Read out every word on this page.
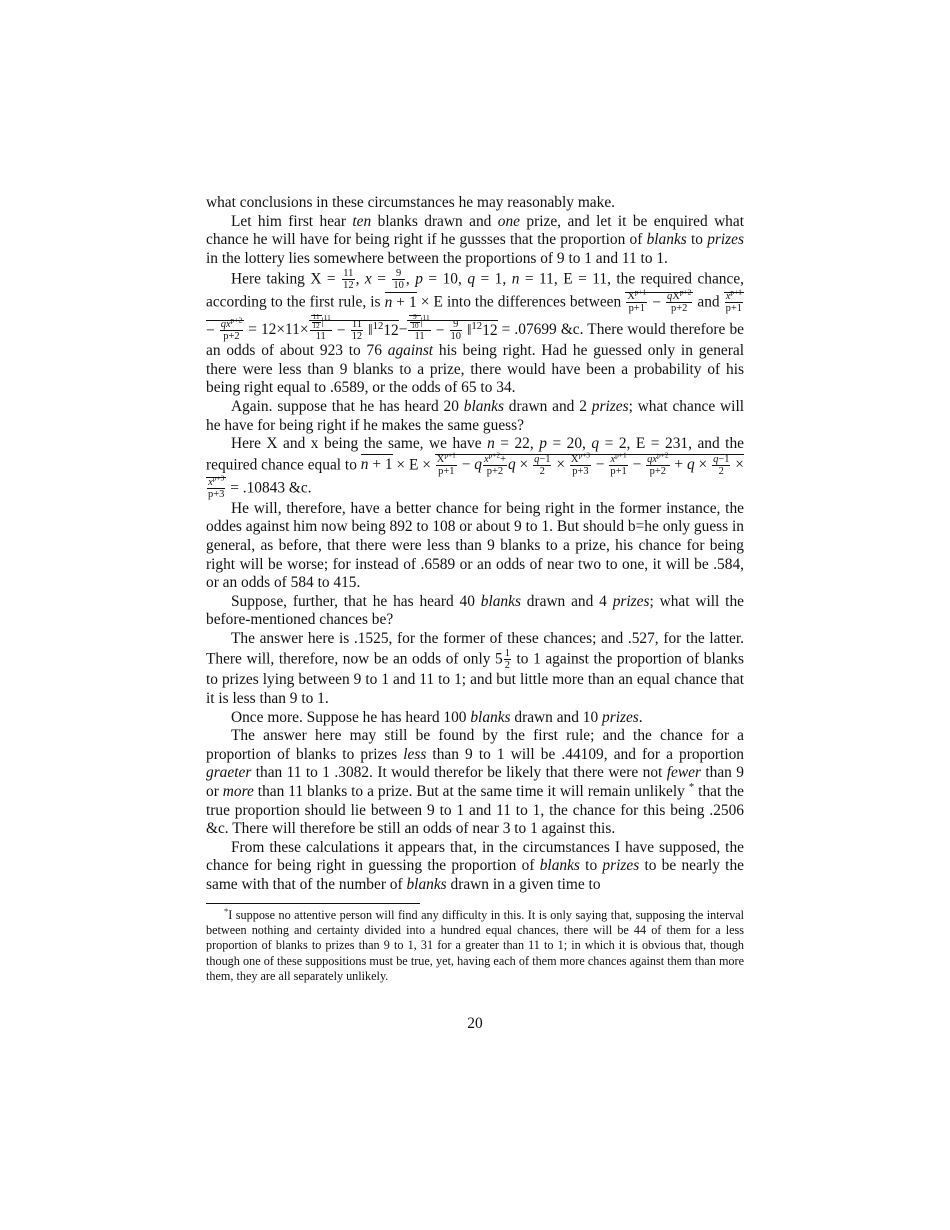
what conclusions in these circumstances he may reasonably make.

Let him first hear ten blanks drawn and one prize, and let it be enquired what chance he will have for being right if he gussses that the proportion of blanks to prizes in the lottery lies somewhere between the proportions of 9 to 1 and 11 to 1.

Here taking $X = \frac{11}{12}$ , $x = \frac{9}{10}$ , p = 10, q = 1, n = 11, E = 11, the required chance, according to the first rule, is n + 1 × E into the differences between $\frac{X^{p+1}}{p+1} - \frac{qX^{p+2}}{p+2}$ and $\frac{x^{p+1}}{p+1}$
− $\frac{qx^{p+2}}{p+2} = 12\times 11\times \frac{\frac{11}{12} |^{11}}{11} - \frac{11}{12}$ ‖$^{12}$12− $\frac{\frac{9}{10} |^{11}}{11} - \frac{9}{10}$ ‖$^{12}$12 = .07699 &c. There would therefore be an odds of about 923 to 76 against his being right. Had he guessed only in general there were less than 9 blanks to a prize, there would have been a probability of his being right equal to .6589, or the odds of 65 to 34.

Again. suppose that he has heard 20 blanks drawn and 2 prizes; what chance will he have for being right if he makes the same guess?

Here X and x being the same, we have n = 22, p = 20, q = 2, E = 231, and the required chance equal to $n + 1 \times E \times \frac{X^{p+1}}{p+1} - q \frac{x^{p+2}+}{p+2}$ $q \times \frac{q-1}{2} \times \frac{X^{p+3}}{p+3} - \frac{x^{p+1}}{p+1} - \frac{qx^{p+2}}{p+2} + q \times \frac{q-1}{2}$ ×
$\frac{x^{p+3}}{p+3} = .10843$ &c.

He will, therefore, have a better chance for being right in the former instance, the oddes against him now being 892 to 108 or about 9 to 1. But should b=he only guess in general, as before, that there were less than 9 blanks to a prize, his chance for being right will be worse; for instead of .6589 or an odds of near two to one, it will be .584, or an odds of 584 to 415.

Suppose, further, that he has heard 40 blanks drawn and 4 prizes; what will the before-mentioned chances be?

The answer here is .1525, for the former of these chances; and .527, for the latter. There will, therefore, now be an odds of only $5 \frac{1}{2}$ to 1 against the proportion of blanks to prizes lying between 9 to 1 and 11 to 1; and but little more than an equal chance that it is less than 9 to 1.

Once more. Suppose he has heard 100 blanks drawn and 10 prizes.

The answer here may still be found by the first rule; and the chance for a proportion of blanks to prizes less than 9 to 1 will be .44109, and for a proportion graeter than 11 to 1 .3082. It would therefor be likely that there were not fewer than 9 or more than 11 blanks to a prize. But at the same time it will remain unlikely * that the true proportion should lie between 9 to 1 and 11 to 1, the chance for this being .2506 &c. There will therefore be still an odds of near 3 to 1 against this.

From these calculations it appears that, in the circumstances I have supposed, the chance for being right in guessing the proportion of blanks to prizes to be nearly the same with that of the number of blanks drawn in a given time to

*I suppose no attentive person will find any difficulty in this. It is only saying that, supposing the interval between nothing and certainty divided into a hundred equal chances, there will be 44 of them for a less proportion of blanks to prizes than 9 to 1, 31 for a greater than 11 to 1; in which it is obvious that, though though one of these suppositions must be true, yet, having each of them more chances against them than more them, they are all separately unlikely.
20
